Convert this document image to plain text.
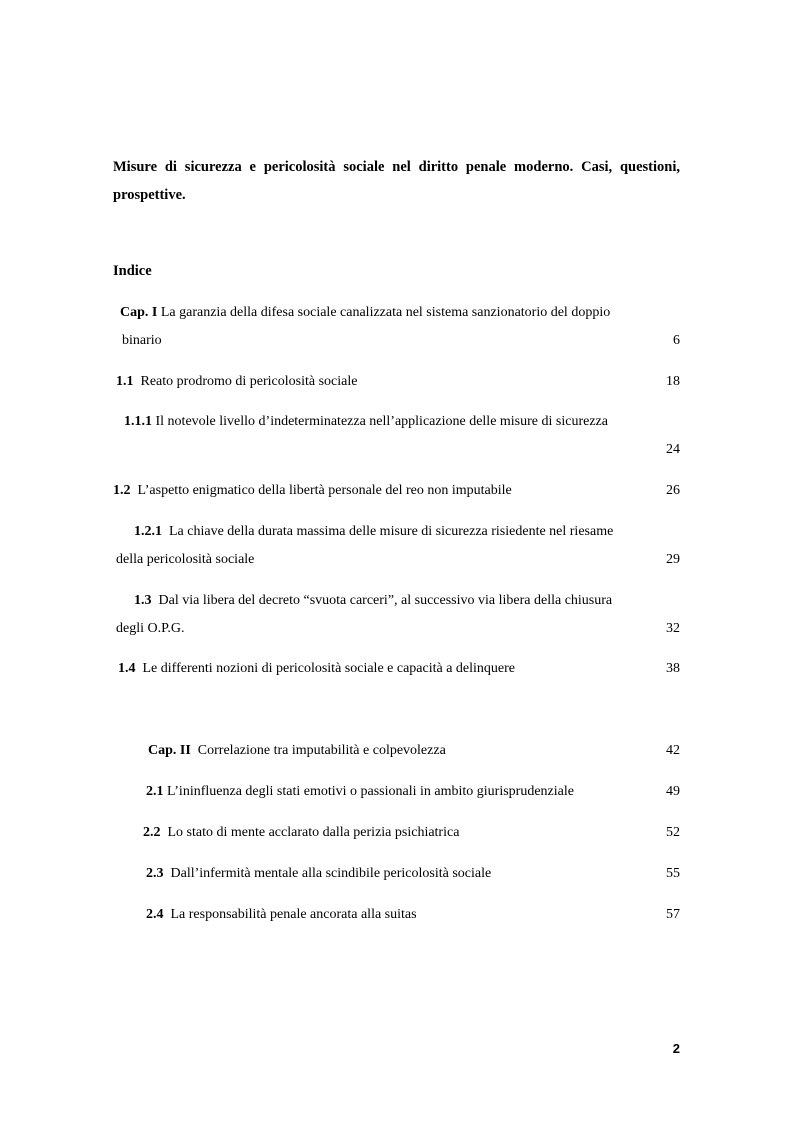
Misure di sicurezza e pericolosità sociale nel diritto penale moderno. Casi, questioni, prospettive.

Indice

Cap. I La garanzia della difesa sociale canalizzata nel sistema sanzionatorio del doppio
binario	6
1.1 Reato prodromo di pericolosità sociale	18
1.1.1 Il notevole livello d’indeterminatezza nell’applicazione delle misure di sicurezza
24
1.2 L’aspetto enigmatico della libertà personale del reo non imputabile	26
1.2.1 La chiave della durata massima delle misure di sicurezza risiedente nel riesame
della pericolosità sociale	29
1.3 Dal via libera del decreto “svuota carceri”, al successivo via libera della chiusura
degli O.P.G.	32
1.4 Le differenti nozioni di pericolosità sociale e capacità a delinquere	38
Cap. II Correlazione tra imputabilità e colpevolezza	42
2.1 L’ininfluenza degli stati emotivi o passionali in ambito giurisprudenziale	49
2.2 Lo stato di mente acclarato dalla perizia psichiatrica	52
2.3 Dall’infermità mentale alla scindibile pericolosità sociale	55
2.4 La responsabilità penale ancorata alla suitas	57
2
